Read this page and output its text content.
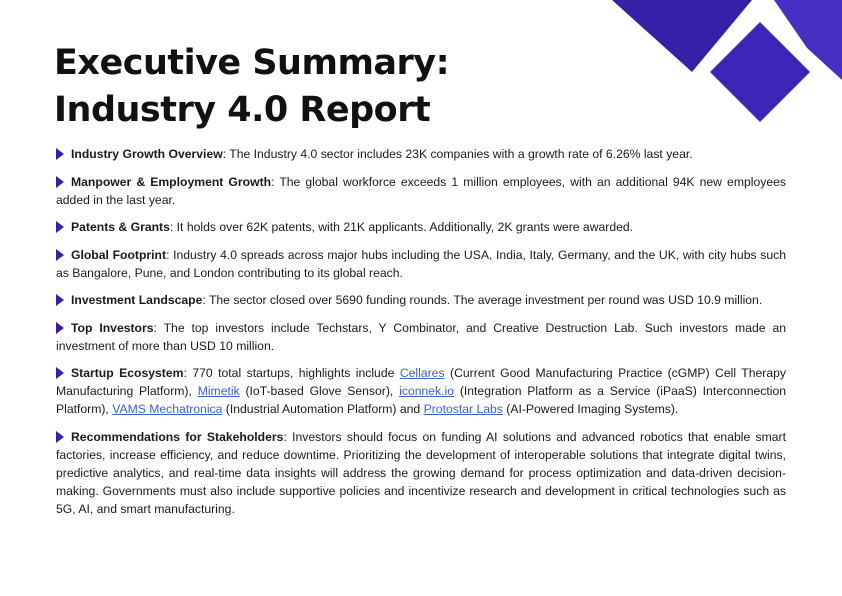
Executive Summary:
Industry 4.0 Report
Industry Growth Overview: The Industry 4.0 sector includes 23K companies with a growth rate of 6.26% last year.
Manpower & Employment Growth: The global workforce exceeds 1 million employees, with an additional 94K new employees added in the last year.
Patents & Grants: It holds over 62K patents, with 21K applicants. Additionally, 2K grants were awarded.
Global Footprint: Industry 4.0 spreads across major hubs including the USA, India, Italy, Germany, and the UK, with city hubs such as Bangalore, Pune, and London contributing to its global reach.
Investment Landscape: The sector closed over 5690 funding rounds. The average investment per round was USD 10.9 million.
Top Investors: The top investors include Techstars, Y Combinator, and Creative Destruction Lab. Such investors made an investment of more than USD 10 million.
Startup Ecosystem: 770 total startups, highlights include Cellares (Current Good Manufacturing Practice (cGMP) Cell Therapy Manufacturing Platform), Mimetik (IoT-based Glove Sensor), iconnek.io (Integration Platform as a Service (iPaaS) Interconnection Platform), VAMS Mechatronica (Industrial Automation Platform) and Protostar Labs (AI-Powered Imaging Systems).
Recommendations for Stakeholders: Investors should focus on funding AI solutions and advanced robotics that enable smart factories, increase efficiency, and reduce downtime. Prioritizing the development of interoperable solutions that integrate digital twins, predictive analytics, and real-time data insights will address the growing demand for process optimization and data-driven decision-making. Governments must also include supportive policies and incentivize research and development in critical technologies such as 5G, AI, and smart manufacturing.
